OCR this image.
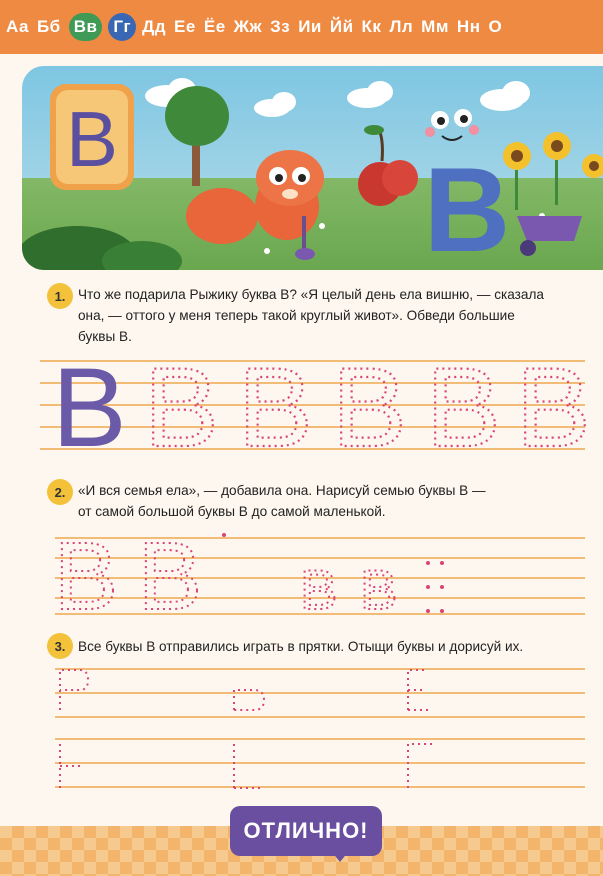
Аа Бб Вв Гг Дд Ее Ёе Жж Зз Ии Йй Кк Лл Мм Нн О
В
B
1. Что же подарила Рыжику буква В? «Я целый день ела вишню, — сказала
она, — оттого у меня теперь такой круглый живот». Обведи большие
буквы В.
B B B B B B
2. «И вся семья ела», — добавила она. Нарисуй семью буквы В —
от самой большой буквы В до самой маленькой.
B B B B
3. Все буквы В отправились играть в прятки. Отыщи буквы и дорисуй их.
ОТЛИЧНО!
